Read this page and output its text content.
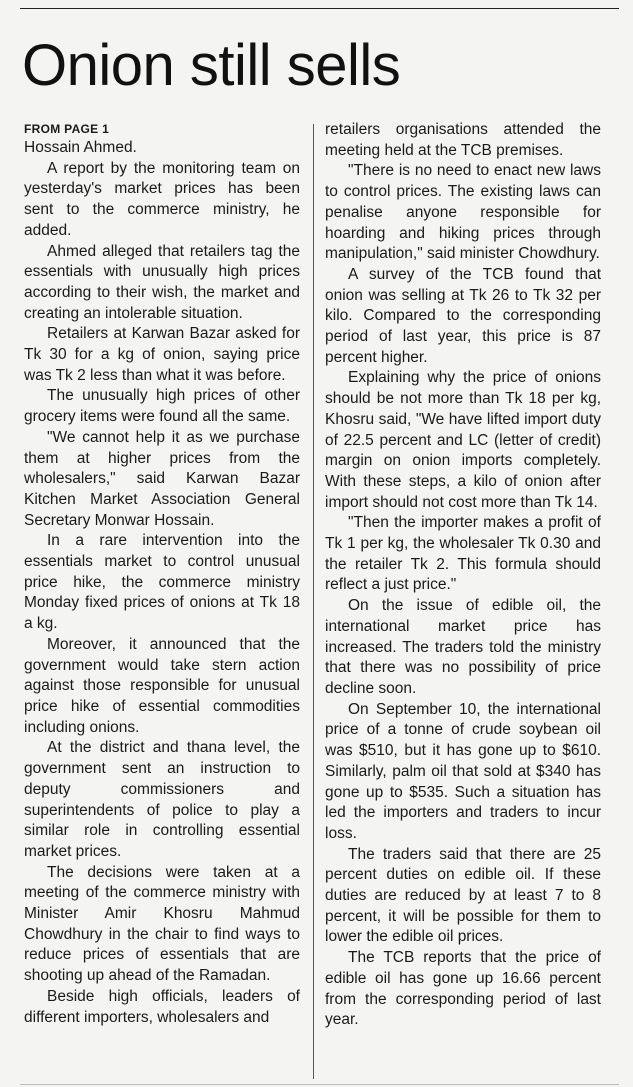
Onion still sells
FROM PAGE 1

Hossain Ahmed.

A report by the monitoring team on yesterday's market prices has been sent to the commerce ministry, he added.

Ahmed alleged that retailers tag the essentials with unusually high prices according to their wish, the market and creating an intolerable situation.

Retailers at Karwan Bazar asked for Tk 30 for a kg of onion, saying price was Tk 2 less than what it was before.

The unusually high prices of other grocery items were found all the same.

"We cannot help it as we purchase them at higher prices from the wholesalers," said Karwan Bazar Kitchen Market Association General Secretary Monwar Hossain.

In a rare intervention into the essentials market to control unusual price hike, the commerce ministry Monday fixed prices of onions at Tk 18 a kg.

Moreover, it announced that the government would take stern action against those responsible for unusual price hike of essential commodities including onions.

At the district and thana level, the government sent an instruction to deputy commissioners and superintendents of police to play a similar role in controlling essential market prices.

The decisions were taken at a meeting of the commerce ministry with Minister Amir Khosru Mahmud Chowdhury in the chair to find ways to reduce prices of essentials that are shooting up ahead of the Ramadan.

Beside high officials, leaders of different importers, wholesalers and

retailers organisations attended the meeting held at the TCB premises.

"There is no need to enact new laws to control prices. The existing laws can penalise anyone responsible for hoarding and hiking prices through manipulation," said minister Chowdhury.

A survey of the TCB found that onion was selling at Tk 26 to Tk 32 per kilo. Compared to the corresponding period of last year, this price is 87 percent higher.

Explaining why the price of onions should be not more than Tk 18 per kg, Khosru said, "We have lifted import duty of 22.5 percent and LC (letter of credit) margin on onion imports completely. With these steps, a kilo of onion after import should not cost more than Tk 14.

"Then the importer makes a profit of Tk 1 per kg, the wholesaler Tk 0.30 and the retailer Tk 2. This formula should reflect a just price."

On the issue of edible oil, the international market price has increased. The traders told the ministry that there was no possibility of price decline soon.

On September 10, the international price of a tonne of crude soybean oil was $510, but it has gone up to $610. Similarly, palm oil that sold at $340 has gone up to $535. Such a situation has led the importers and traders to incur loss.

The traders said that there are 25 percent duties on edible oil. If these duties are reduced by at least 7 to 8 percent, it will be possible for them to lower the edible oil prices.

The TCB reports that the price of edible oil has gone up 16.66 percent from the corresponding period of last year.
